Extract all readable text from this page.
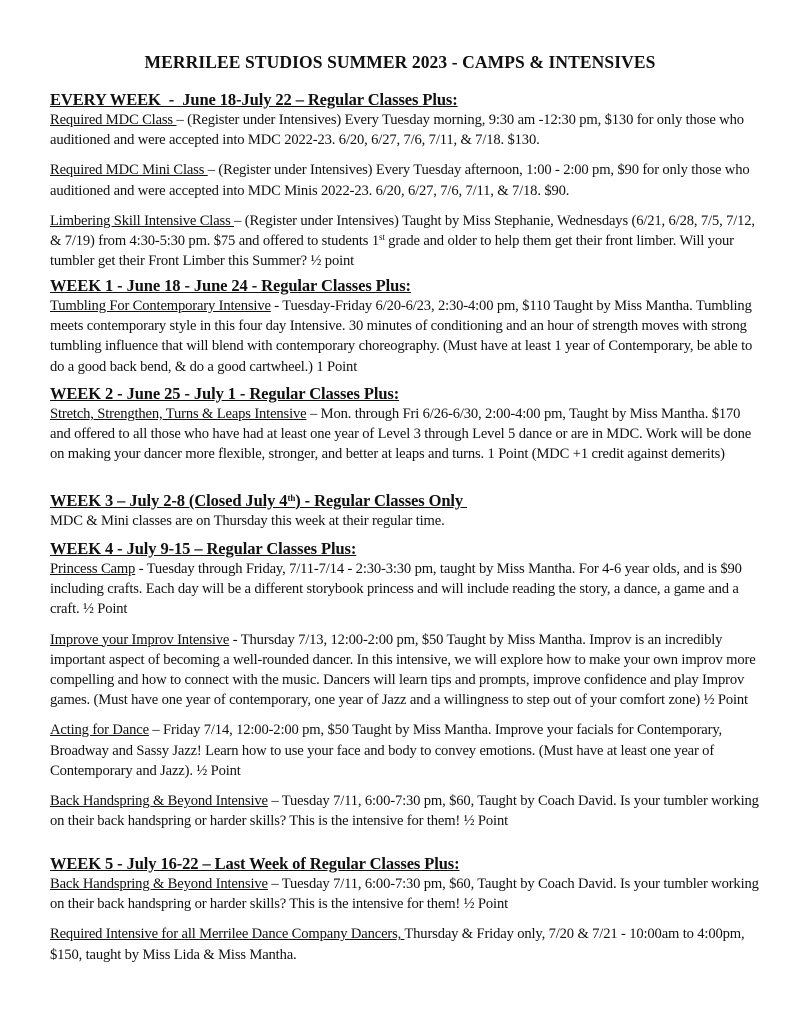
MERRILEE STUDIOS SUMMER 2023 - CAMPS & INTENSIVES
EVERY WEEK  -  June 18-July 22 – Regular Classes Plus:
Required MDC Class – (Register under Intensives) Every Tuesday morning, 9:30 am -12:30 pm, $130 for only those who auditioned and were accepted into MDC 2022-23. 6/20, 6/27, 7/6, 7/11, & 7/18. $130.
Required MDC Mini Class – (Register under Intensives) Every Tuesday afternoon, 1:00 - 2:00 pm, $90 for only those who auditioned and were accepted into MDC Minis 2022-23. 6/20, 6/27, 7/6, 7/11, & 7/18. $90.
Limbering Skill Intensive Class – (Register under Intensives) Taught by Miss Stephanie, Wednesdays (6/21, 6/28, 7/5, 7/12, & 7/19) from 4:30-5:30 pm. $75 and offered to students 1st grade and older to help them get their front limber. Will your tumbler get their Front Limber this Summer? ½ point
WEEK 1 - June 18 - June 24 - Regular Classes Plus:
Tumbling For Contemporary Intensive - Tuesday-Friday 6/20-6/23, 2:30-4:00 pm, $110 Taught by Miss Mantha. Tumbling meets contemporary style in this four day Intensive. 30 minutes of conditioning and an hour of strength moves with strong tumbling influence that will blend with contemporary choreography. (Must have at least 1 year of Contemporary, be able to do a good back bend, & do a good cartwheel.) 1 Point
WEEK 2 - June 25 - July 1 - Regular Classes Plus:
Stretch, Strengthen, Turns & Leaps Intensive – Mon. through Fri 6/26-6/30, 2:00-4:00 pm, Taught by Miss Mantha. $170 and offered to all those who have had at least one year of Level 3 through Level 5 dance or are in MDC. Work will be done on making your dancer more flexible, stronger, and better at leaps and turns. 1 Point (MDC +1 credit against demerits)
WEEK 3 – July 2-8 (Closed July 4th) - Regular Classes Only
MDC & Mini classes are on Thursday this week at their regular time.
WEEK 4 - July 9-15 – Regular Classes Plus:
Princess Camp - Tuesday through Friday, 7/11-7/14 - 2:30-3:30 pm, taught by Miss Mantha. For 4-6 year olds, and is $90 including crafts. Each day will be a different storybook princess and will include reading the story, a dance, a game and a craft. ½ Point
Improve your Improv Intensive - Thursday 7/13, 12:00-2:00 pm, $50 Taught by Miss Mantha. Improv is an incredibly important aspect of becoming a well-rounded dancer. In this intensive, we will explore how to make your own improv more compelling and how to connect with the music. Dancers will learn tips and prompts, improve confidence and play Improv games. (Must have one year of contemporary, one year of Jazz and a willingness to step out of your comfort zone) ½ Point
Acting for Dance – Friday 7/14, 12:00-2:00 pm, $50 Taught by Miss Mantha. Improve your facials for Contemporary, Broadway and Sassy Jazz! Learn how to use your face and body to convey emotions. (Must have at least one year of Contemporary and Jazz). ½ Point
Back Handspring & Beyond Intensive – Tuesday 7/11, 6:00-7:30 pm, $60, Taught by Coach David. Is your tumbler working on their back handspring or harder skills? This is the intensive for them! ½ Point
WEEK 5 - July 16-22 – Last Week of Regular Classes Plus:
Back Handspring & Beyond Intensive – Tuesday 7/11, 6:00-7:30 pm, $60, Taught by Coach David. Is your tumbler working on their back handspring or harder skills? This is the intensive for them! ½ Point
Required Intensive for all Merrilee Dance Company Dancers, Thursday & Friday only, 7/20 & 7/21 - 10:00am to 4:00pm, $150, taught by Miss Lida & Miss Mantha.
